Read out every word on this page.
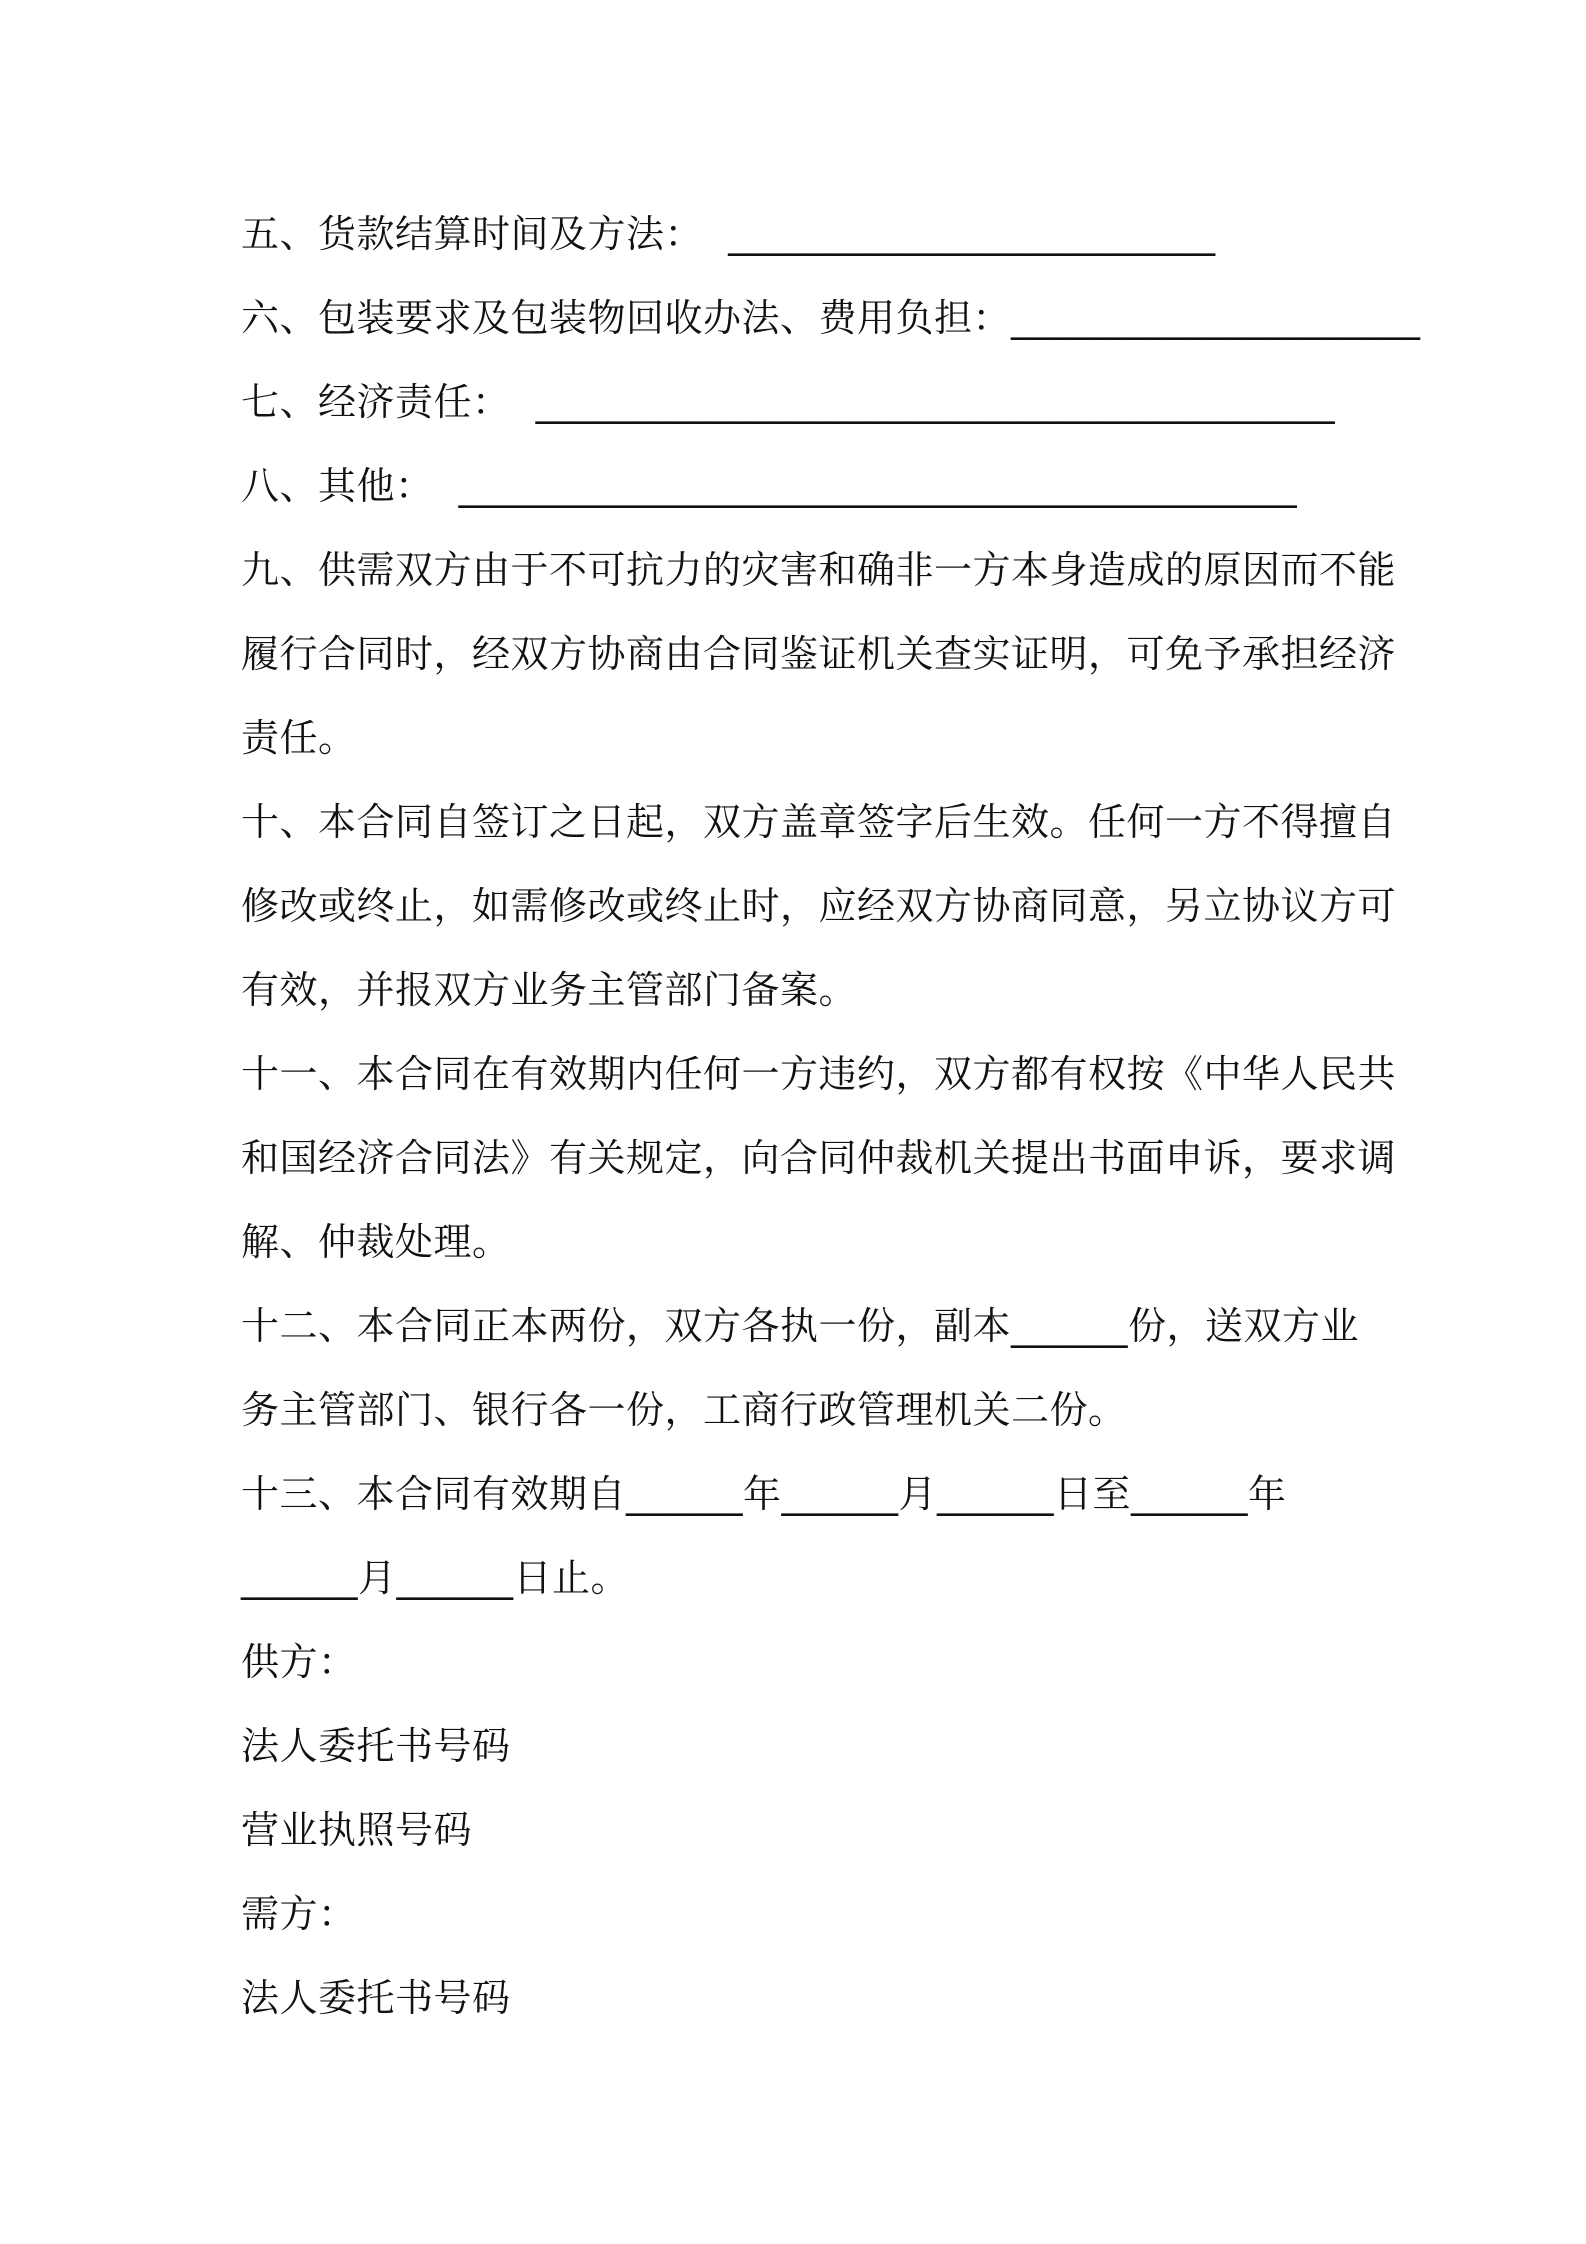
五、货款结算时间及方法：  _________________________
六、包装要求及包装物回收办法、费用负担：_____________________
七、经济责任：  _________________________________________
八、其他：  ___________________________________________
九、供需双方由于不可抗力的灾害和确非一方本身造成的原因而不能
履行合同时，经双方协商由合同鉴证机关查实证明，可免予承担经济
责任。
十、本合同自签订之日起，双方盖章签字后生效。任何一方不得擅自
修改或终止，如需修改或终止时，应经双方协商同意，另立协议方可
有效，并报双方业务主管部门备案。
十一、本合同在有效期内任何一方违约，双方都有权按《中华人民共
和国经济合同法》有关规定，向合同仲裁机关提出书面申诉，要求调
解、仲裁处理。
十二、本合同正本两份，双方各执一份，副本______份，送双方业
务主管部门、银行各一份，工商行政管理机关二份。
十三、本合同有效期自______年______月______日至______年
______月______日止。
供方：
法人委托书号码
营业执照号码
需方：
法人委托书号码
